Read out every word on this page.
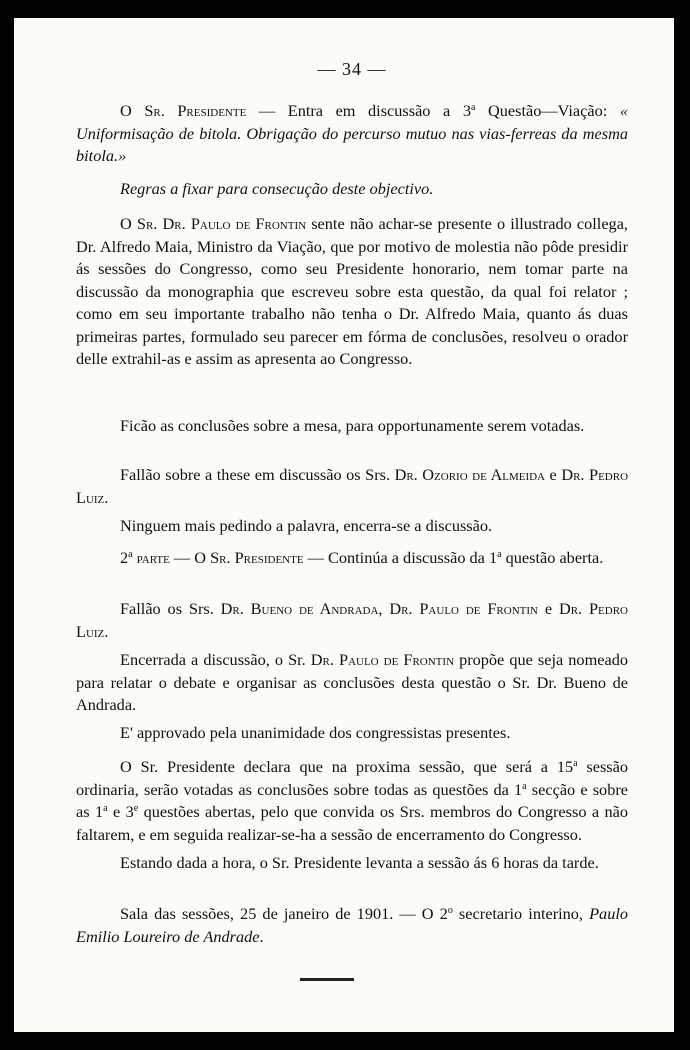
— 34 —

O Sr. Presidente — Entra em discussão a 3$^a$ Questão—Viação: « Uniformisação de bitola. Obrigação do percurso mutuo nas vias-ferreas da mesma bitola.»

Regras a fixar para consecução deste objectivo.

O Sr. Dr. Paulo de Frontin sente não achar-se presente o illustrado collega, Dr. Alfredo Maia, Ministro da Viação, que por motivo de molestia não pôde presidir ás sessões do Congresso, como seu Presidente honorario, nem tomar parte na discussão da monographia que escreveu sobre esta questão, da qual foi relator ; como em seu importante trabalho não tenha o Dr. Alfredo Maia, quanto ás duas primeiras partes, formulado seu parecer em fórma de conclusões, resolveu o orador delle extrahil-as e assim as apresenta ao Congresso.

Ficão as conclusões sobre a mesa, para opportunamente serem votadas.

Fallão sobre a these em discussão os Srs. Dr. Ozorio de Almeida e Dr. Pedro Luiz.

Ninguem mais pedindo a palavra, encerra-se a discussão.

2$^a$ parte — O Sr. Presidente — Continúa a discussão da 1$^a$ questão aberta.

Fallão os Srs. Dr. Bueno de Andrada, Dr. Paulo de Frontin e Dr. Pedro Luiz.

Encerrada a discussão, o Sr. Dr. Paulo de Frontin propõe que seja nomeado para relatar o debate e organisar as conclusões desta questão o Sr. Dr. Bueno de Andrada.

E' approvado pela unanimidade dos congressistas presentes.

O Sr. Presidente declara que na proxima sessão, que será a 15$^a$ sessão ordinaria, serão votadas as conclusões sobre todas as questões da 1$^a$ secção e sobre as 1$^a$ e 3e questões abertas, pelo que convida os Srs. membros do Congresso a não faltarem, e em seguida realizar-se-ha a sessão de encerramento do Congresso.

Estando dada a hora, o Sr. Presidente levanta a sessão ás 6 horas da tarde.

Sala das sessões, 25 de janeiro de 1901. — O 2$^o$ secretario interino, Paulo Emilio Loureiro de Andrade.
